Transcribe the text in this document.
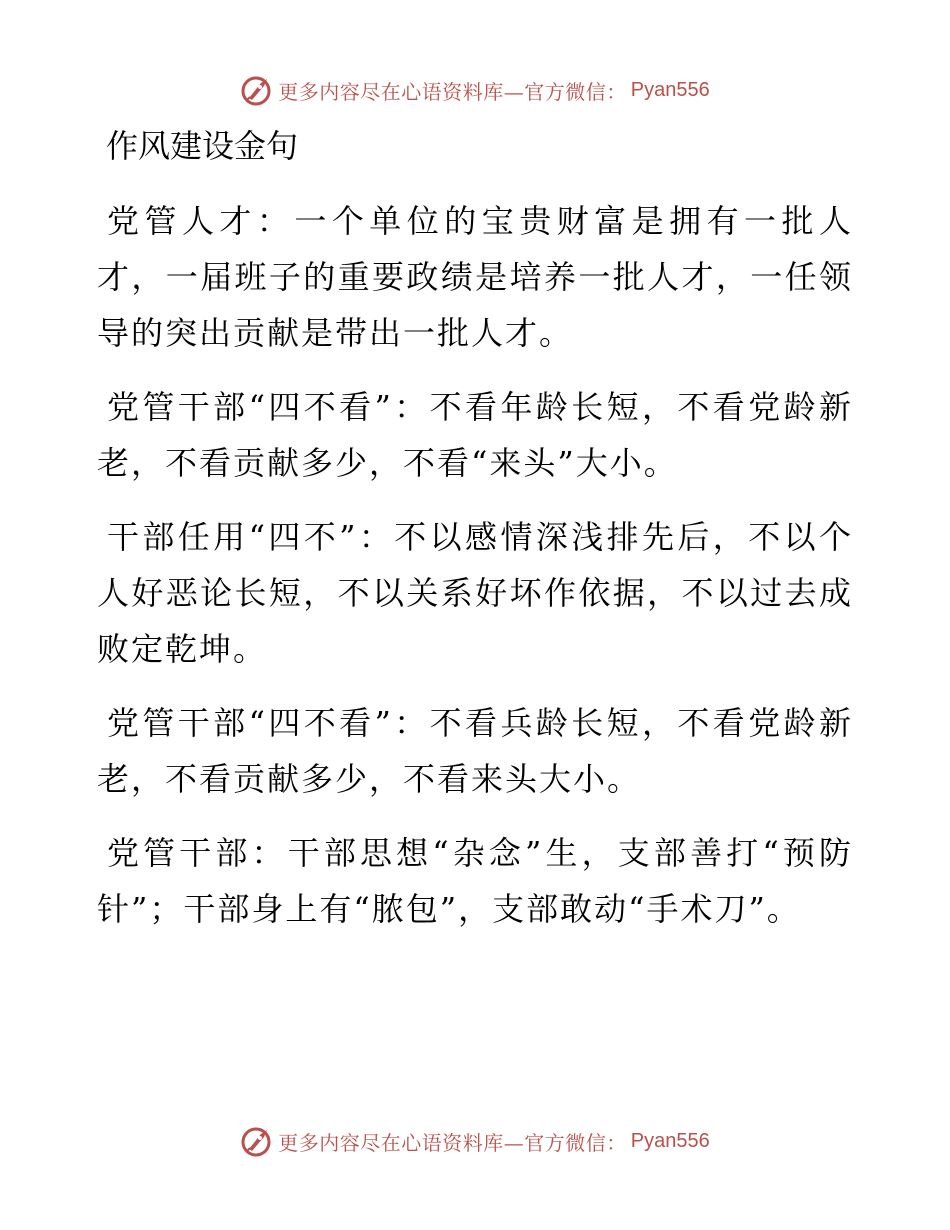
更多内容尽在心语资料库—官方微信： Pyan556
作风建设金句

党管人才：一个单位的宝贵财富是拥有一批人才，一届班子的重要政绩是培养一批人才，一任领导的突出贡献是带出一批人才。

党管干部“四不看”：不看年龄长短，不看党龄新老，不看贡献多少，不看“来头”大小。

干部任用“四不”：不以感情深浅排先后，不以个人好恶论长短，不以关系好坏作依据，不以过去成败定乾坤。

党管干部“四不看”：不看兵龄长短，不看党龄新老，不看贡献多少，不看来头大小。

党管干部：干部思想“杂念”生，支部善打“预防针”；干部身上有“脓包”，支部敢动“手术刀”。

更多内容尽在心语资料库—官方微信： Pyan556
